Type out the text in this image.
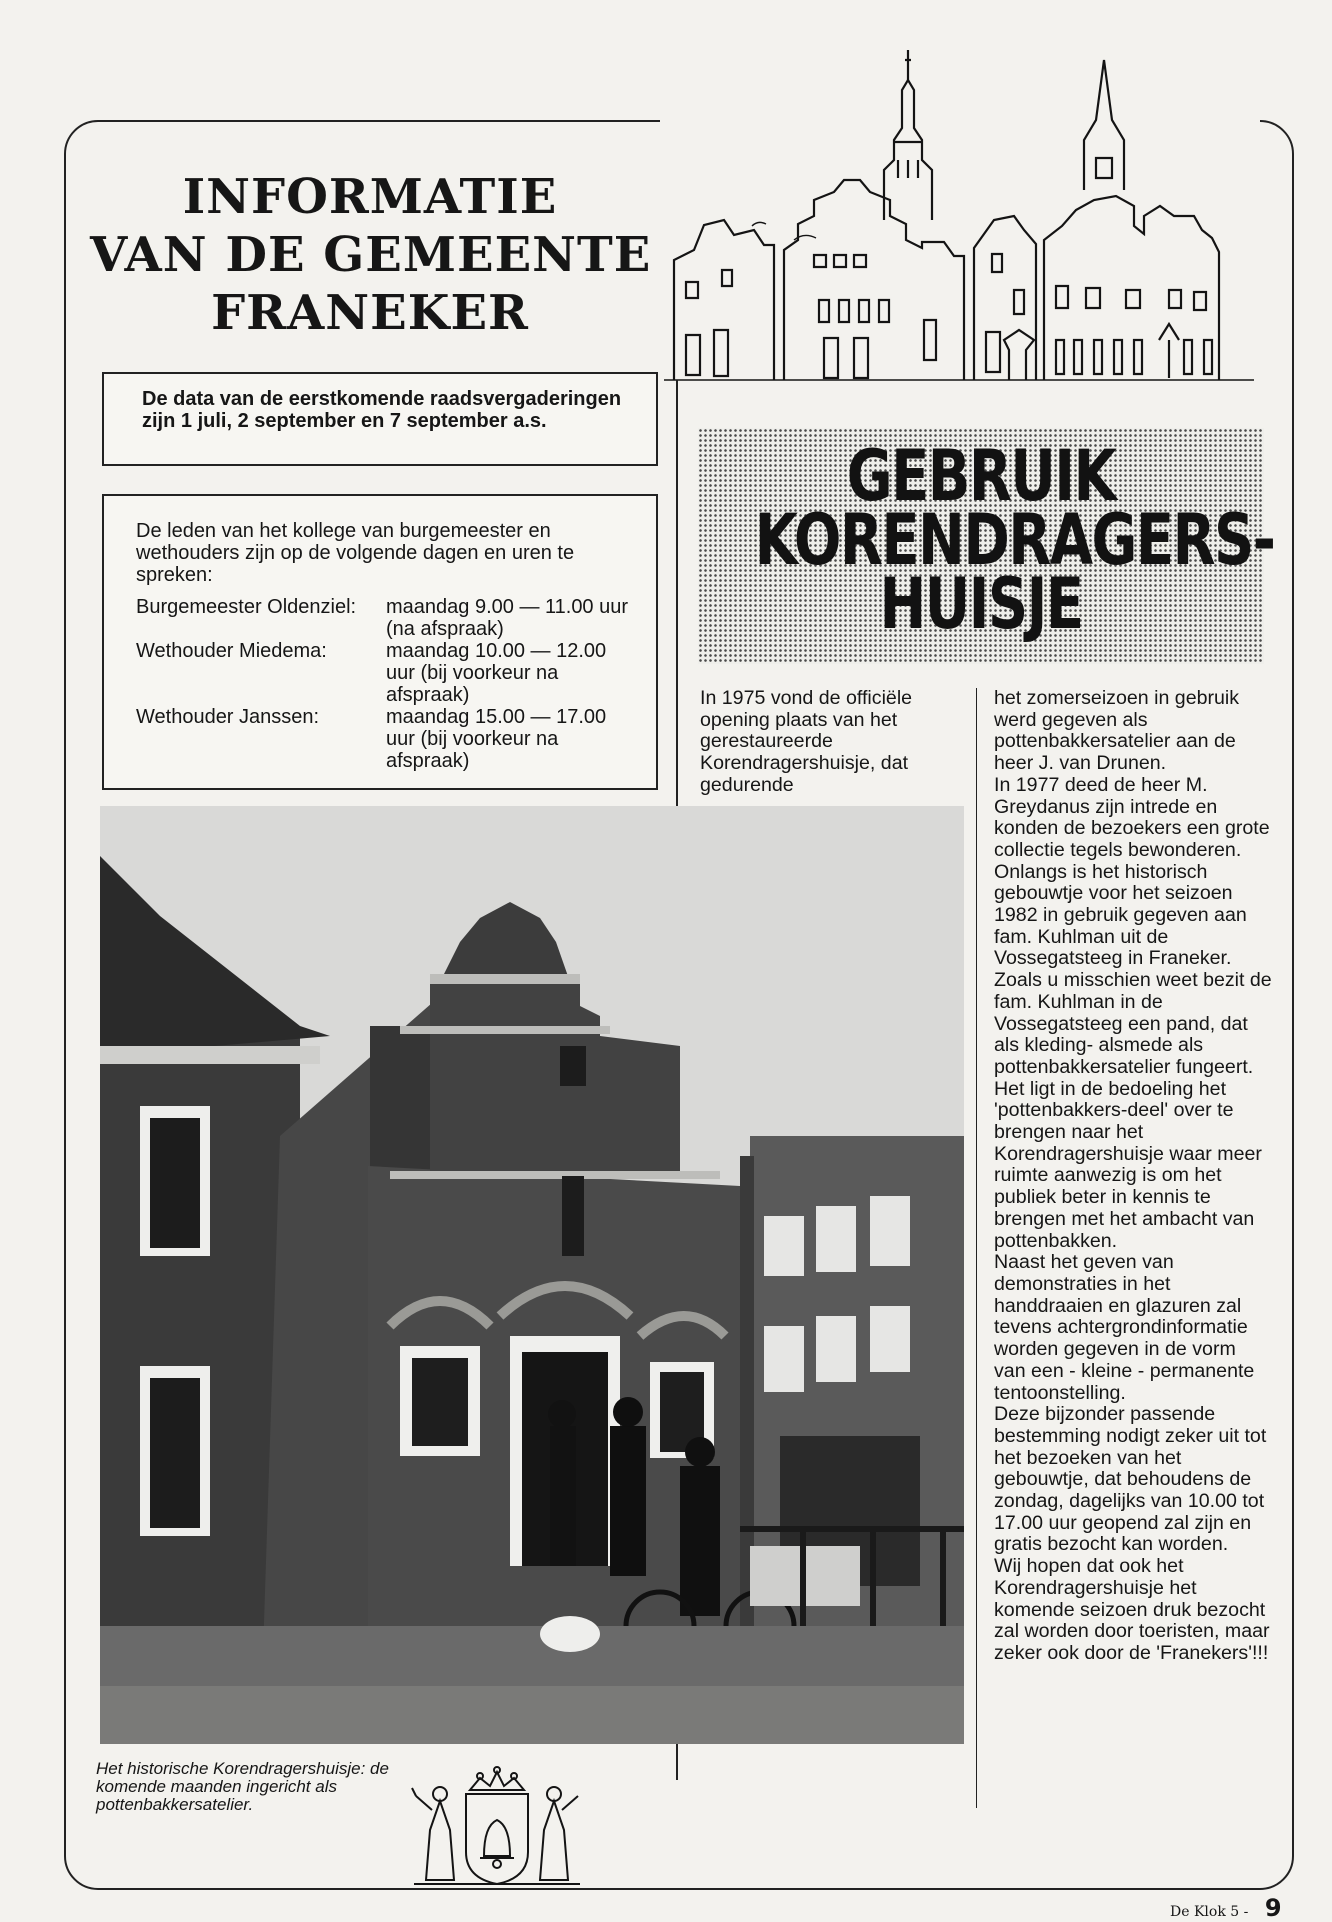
INFORMATIE
VAN DE GEMEENTE
FRANEKER
De data van de eerstkomende raadsvergaderingen zijn 1 juli, 2 september en 7 september a.s.
De leden van het kollege van burgemeester en wethouders zijn op de volgende dagen en uren te spreken:
Burgemeester Oldenziel:	maandag 9.00 — 11.00 uur (na afspraak)
Wethouder Miedema:	maandag 10.00 — 12.00 uur (bij voorkeur na afspraak)
Wethouder Janssen:	maandag 15.00 — 17.00 uur (bij voorkeur na afspraak)
GEBRUIK
KORENDRAGERS-
HUISJE

In 1975 vond de officiële opening plaats van het gerestaureerde Korendragershuisje, dat gedurende

het zomerseizoen in gebruik werd gegeven als pottenbakkersatelier aan de heer J. van Drunen.

In 1977 deed de heer M. Greydanus zijn intrede en konden de bezoekers een grote collectie tegels bewonderen. Onlangs is het historisch gebouwtje voor het seizoen 1982 in gebruik gegeven aan fam. Kuhlman uit de Vossegatsteeg in Franeker.

Zoals u misschien weet bezit de fam. Kuhlman in de Vossegatsteeg een pand, dat als kleding- alsmede als pottenbakkersatelier fungeert.

Het ligt in de bedoeling het 'pottenbakkers-deel' over te brengen naar het Korendragershuisje waar meer ruimte aanwezig is om het publiek beter in kennis te brengen met het ambacht van pottenbakken.

Naast het geven van demonstraties in het handdraaien en glazuren zal tevens achtergrondinformatie worden gegeven in de vorm van een - kleine - permanente tentoonstelling.

Deze bijzonder passende bestemming nodigt zeker uit tot het bezoeken van het gebouwtje, dat behoudens de zondag, dagelijks van 10.00 tot 17.00 uur geopend zal zijn en gratis bezocht kan worden.

Wij hopen dat ook het Korendragershuisje het komende seizoen druk bezocht zal worden door toeristen, maar zeker ook door de 'Franekers'!!!

Het historische Korendragershuisje: de komende maanden ingericht als pottenbakkersatelier.
De Klok 5 - 9
